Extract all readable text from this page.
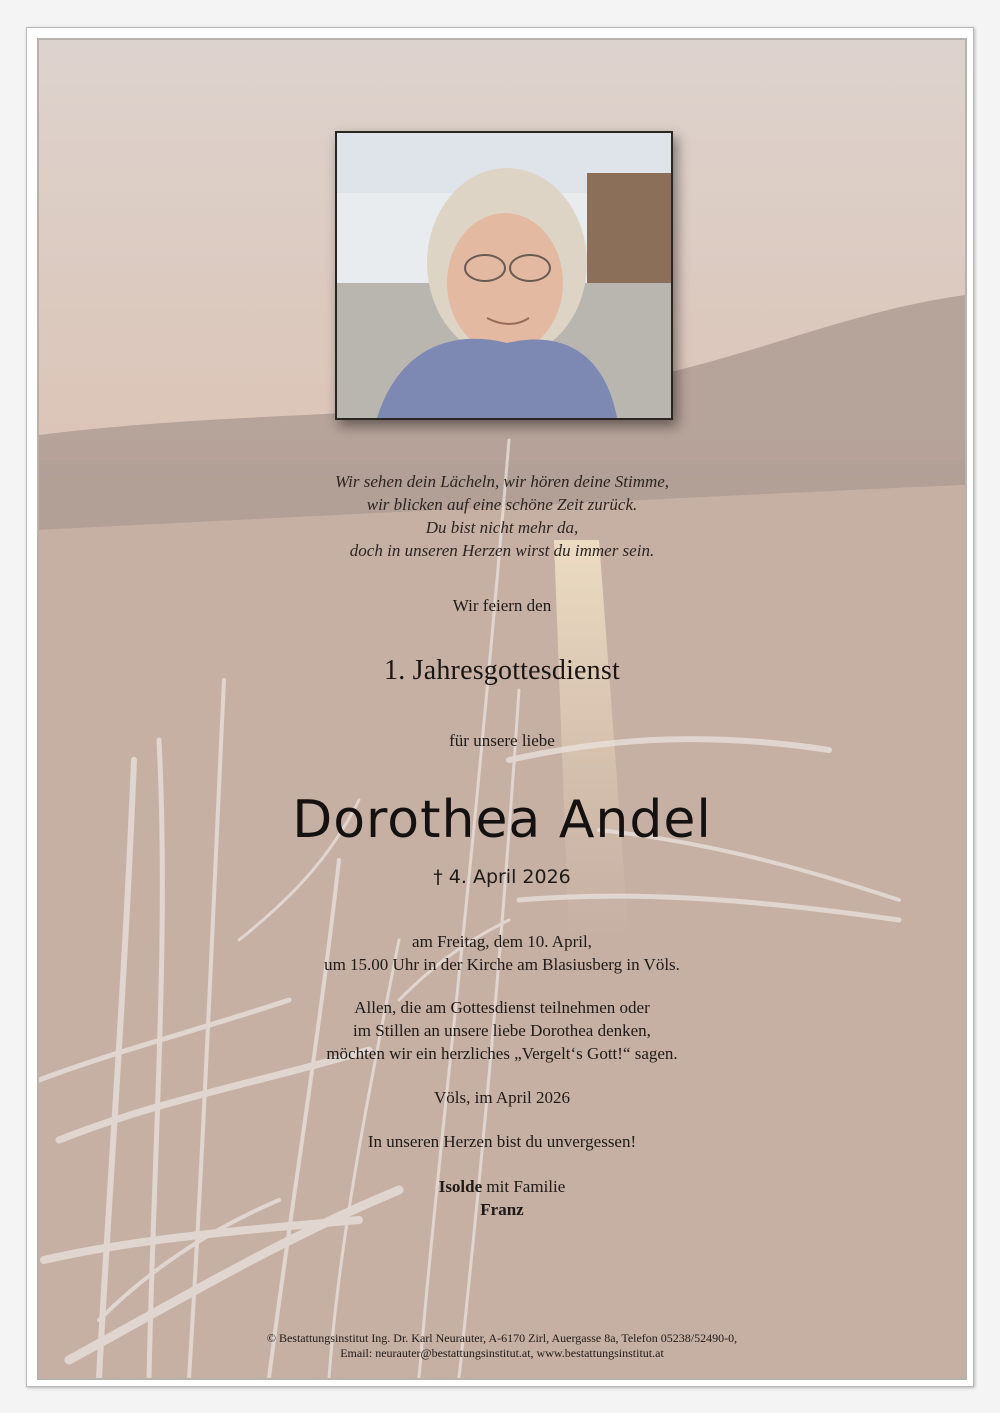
Wir sehen dein Lächeln, wir hören deine Stimme,
wir blicken auf eine schöne Zeit zurück.
Du bist nicht mehr da,
doch in unseren Herzen wirst du immer sein.
Wir feiern den
1. Jahresgottesdienst
für unsere liebe
Dorothea Andel
† 4. April 2026
am Freitag, dem 10. April,
um 15.00 Uhr in der Kirche am Blasiusberg in Völs.
Allen, die am Gottesdienst teilnehmen oder
im Stillen an unsere liebe Dorothea denken,
möchten wir ein herzliches „Vergelt‘s Gott!“ sagen.
Völs, im April 2026
In unseren Herzen bist du unvergessen!
Isolde mit Familie
Franz
© Bestattungsinstitut Ing. Dr. Karl Neurauter, A-6170 Zirl, Auergasse 8a, Telefon 05238/52490-0,
Email: neurauter@bestattungsinstitut.at, www.bestattungsinstitut.at
